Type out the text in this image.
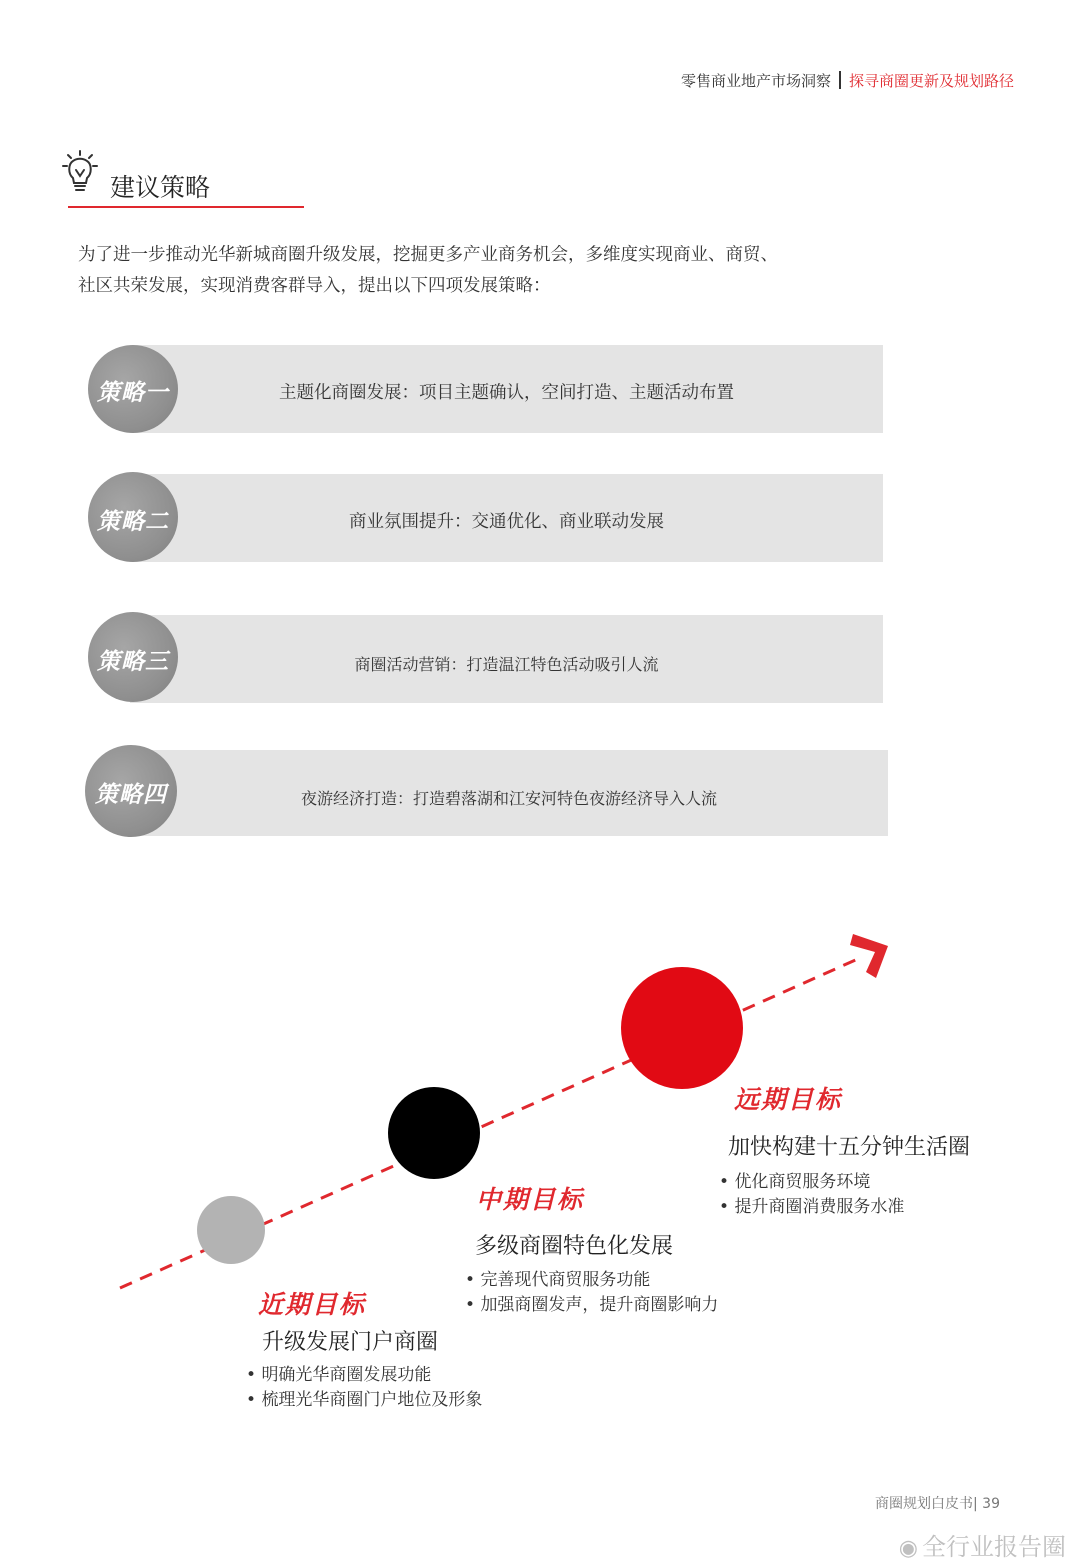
零售商业地产市场洞察 探寻商圈更新及规划路径
建议策略

为了进一步推动光华新城商圈升级发展，挖掘更多产业商务机会，多维度实现商业、商贸、

社区共荣发展，实现消费客群导入，提出以下四项发展策略：

主题化商圈发展：项目主题确认，空间打造、主题活动布置
策略一
商业氛围提升：交通优化、商业联动发展
策略二
商圈活动营销：打造温江特色活动吸引人流
策略三
夜游经济打造：打造碧落湖和江安河特色夜游经济导入人流
策略四
远期目标
加快构建十五分钟生活圈
• 优化商贸服务环境
• 提升商圈消费服务水准
中期目标
多级商圈特色化发展
• 完善现代商贸服务功能
• 加强商圈发声，提升商圈影响力
近期目标
升级发展门户商圈
• 明确光华商圈发展功能
• 梳理光华商圈门户地位及形象
商圈规划白皮书| 39
◉ 全行业报告圈
